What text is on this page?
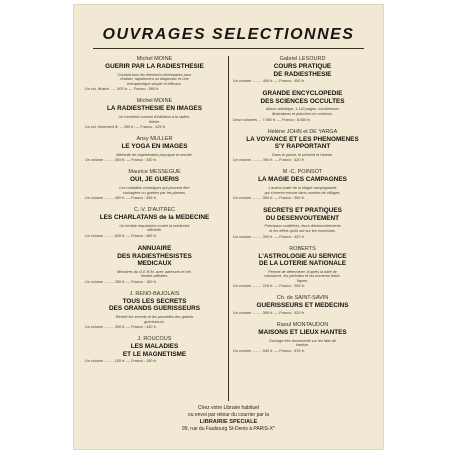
OUVRAGES SELECTIONNES
Michel MOINE
GUERIR PAR LA RADIESTHESIE
Conduit tous les éléments nécessaires pour
réaliser, rapidement un diagnostic et une
thérapeutique simple et efficace.
Un vol. illustré ...... 500 fr. — Franco : 560 fr.
Michel MOINE
LA RADIESTHESIE EN IMAGES
Un excellent manuel d'initiation à la radies-
thésie.
Un vol. fortement ill. ... 390 fr. — Franco : 425 fr.
Ansy MULLER
LE YOGA EN IMAGES
Méthode de régénération physique et morale.
Un volume ......... 300 fr. — Franco : 330 fr.
Maurice MESSEGUE
OUI, JE GUERIS
Les maladies chroniques qui peuvent être
soulagées ou guéries par les plantes.
Un volume ......... 450 fr. — Franco : 495 fr.
C.-V. D'AUTREC
LES CHARLATANS de la MEDECINE
Un terrible réquisitoire contre la médecine
officielle.
Un volume ......... 600 fr. — Franco : 665 fr.
ANNUAIRE
DES RADIESTHESISTES
MEDICAUX
Membres du G.E.R.M. avec adresses et mé-
thodes utilisées.
Un volume ......... 250 fr. — Franco : 150 fr.
J. RENO-BAJOLAIS
TOUS LES SECRETS
DES GRANDS GUERISSEURS
Révèle les secrets et les procédés des grands
guérisseurs.
Un volume ......... 390 fr. — Franco : 430 fr.
J. ROUCOUS
LES MALADIES
ET LE MAGNETISME
Un volume ......... 105 fr. — Franco : 150 fr.
Gabriel LESOURD
COURS PRATIQUE
DE RADIESTHESIE
Un volume ......... 490 fr. — Franco : 450 fr.
GRANDE ENCYCLOPEDIE
DES SCIENCES OCCULTES
Album artistique, 1.140 pages, nombreuses
illustrations et planches en couleurs.
Deux volumes ... 7.950 fr. — Franco : 8.050 fr.
Hélène JOHN et DE YARGA
LA VOYANCE ET LES PHENOMENES
S'Y RAPPORTANT
Dans le passé, le présent et l'avenir.
Un volume ......... 390 fr. — Franco : 420 fr.
M.-C. POINSOT
LA MAGIE DES CAMPAGNES
L'auteur traite de la Magie campagnarde
qui s'exerce encore dans nombre de villages.
Un volume ......... 360 fr. — Franco : 390 fr.
SECRETS ET PRATIQUES
DU DESENVOUTEMENT
Principaux maléfices, leurs désenvoûtements
et les effets qu'ils ont sur les exorcistes.
Un volume ......... 390 fr. — Franco : 420 fr.
ROBERTS
L'ASTROLOGIE AU SERVICE
DE LA LOTERIE NATIONALE
Permet de déterminer, d'après la date de
naissance, les périodes et les numéros béné-
fiques.
Un volume ......... 225 fr. — Franco : 255 fr.
Ch. de SAINT-SAVIN
GUERISSEURS ET MEDECINS
Un volume ......... 390 fr. — Franco : 420 fr.
Raoul MONTAUDON
MAISONS ET LIEUX HANTES
Ouvrage très documenté sur les faits de
hantise.
Un volume ......... 540 fr. — Franco : 575 fr.
Chez votre Libraire habituel
ou envoi par retour du courrier par la
LIBRAIRIE SPECIALE
99, rue du Faubourg St-Denis à PARIS-X°
